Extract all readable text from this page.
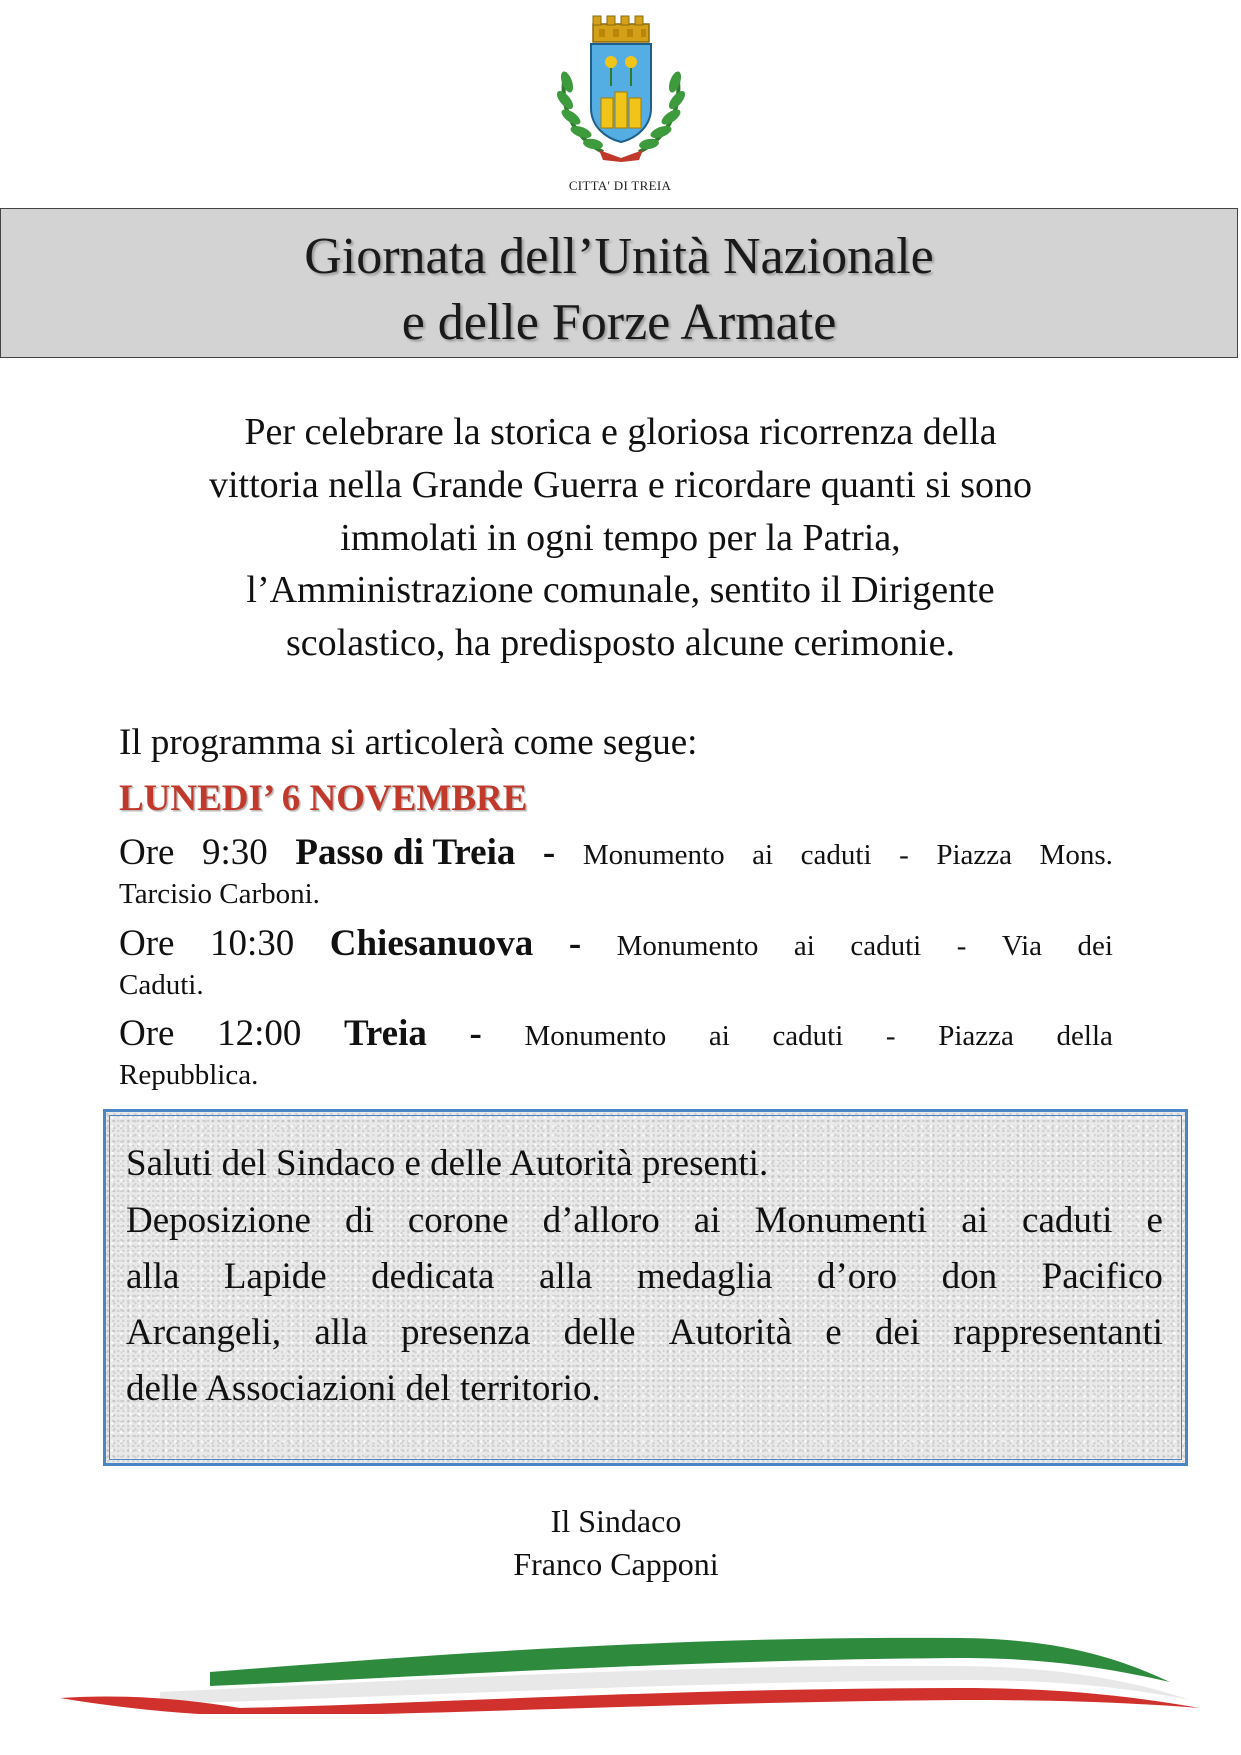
CITTA' DI TREIA
Giornata dell’Unità Nazionale
e delle Forze Armate
Per celebrare la storica e gloriosa ricorrenza della
vittoria nella Grande Guerra e ricordare quanti si sono
immolati in ogni tempo per la Patria,
l’Amministrazione comunale, sentito il Dirigente
scolastico, ha predisposto alcune cerimonie.
Il programma si articolerà come segue:
LUNEDI’ 6 NOVEMBRE
Ore 9:30 Passo di Treia - Monumento ai caduti - Piazza Mons.
Tarcisio Carboni.
Ore 10:30 Chiesanuova - Monumento ai caduti - Via dei
Caduti.
Ore 12:00 Treia - Monumento ai caduti - Piazza della
Repubblica.
Saluti del Sindaco e delle Autorità presenti.
Deposizione di corone d’alloro ai Monumenti ai caduti e
alla Lapide dedicata alla medaglia d’oro don Pacifico
Arcangeli, alla presenza delle Autorità e dei rappresentanti
delle Associazioni del territorio.
Il Sindaco
Franco Capponi
